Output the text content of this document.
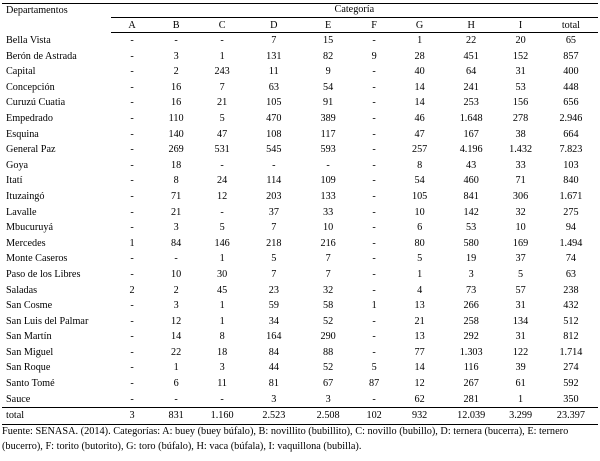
Departamentos	Categoría									
	A	B	C	D	E	F	G	H	I	total
Bella Vista	-	-	-	7	15	-	1	22	20	65
Berón de Astrada	-	3	1	131	82	9	28	451	152	857
Capital	-	2	243	11	9	-	40	64	31	400
Concepción	-	16	7	63	54	-	14	241	53	448
Curuzú Cuatia	-	16	21	105	91	-	14	253	156	656
Empedrado	-	110	5	470	389	-	46	1.648	278	2.946
Esquina	-	140	47	108	117	-	47	167	38	664
General Paz	-	269	531	545	593	-	257	4.196	1.432	7.823
Goya	-	18	-	-	-	-	8	43	33	103
Itatí	-	8	24	114	109	-	54	460	71	840
Ituzaingó	-	71	12	203	133	-	105	841	306	1.671
Lavalle	-	21	-	37	33	-	10	142	32	275
Mbucuruyá	-	3	5	7	10	-	6	53	10	94
Mercedes	1	84	146	218	216	-	80	580	169	1.494
Monte Caseros	-	-	1	5	7	-	5	19	37	74
Paso de los Libres	-	10	30	7	7	-	1	3	5	63
Saladas	2	2	45	23	32	-	4	73	57	238
San Cosme	-	3	1	59	58	1	13	266	31	432
San Luis del Palmar	-	12	1	34	52	-	21	258	134	512
San Martín	-	14	8	164	290	-	13	292	31	812
San Miguel	-	22	18	84	88	-	77	1.303	122	1.714
San Roque	-	1	3	44	52	5	14	116	39	274
Santo Tomé	-	6	11	81	67	87	12	267	61	592
Sauce	-	-	-	3	3	-	62	281	1	350
total	3	831	1.160	2.523	2.508	102	932	12.039	3.299	23.397
Fuente: SENASA. (2014). Categorías: A: buey (buey búfalo), B: novillito (bubillito), C: novillo (bubillo), D: ternera (bucerra), E: ternero (bucerro), F: torito (butorito), G: toro (búfalo), H: vaca (búfala), I: vaquillona (bubilla).
